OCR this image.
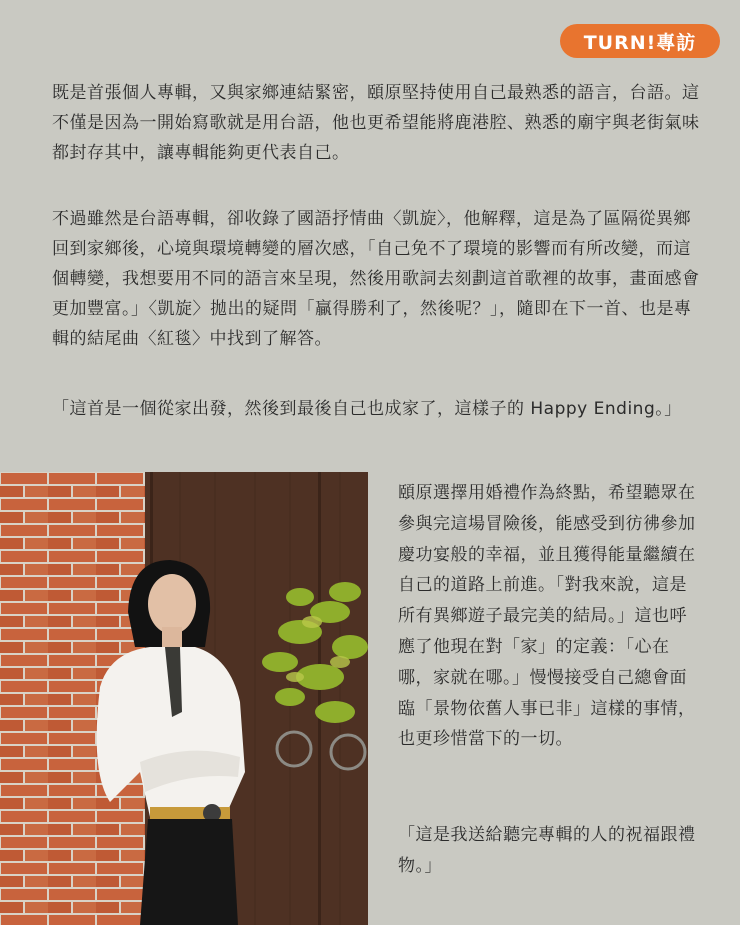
TURN!專訪

既是首張個人專輯，又與家鄉連結緊密，頤原堅持使用自己最熟悉的語言，台語。這不僅是因為一開始寫歌就是用台語，他也更希望能將鹿港腔、熟悉的廟宇與老街氣味都封存其中，讓專輯能夠更代表自己。

不過雖然是台語專輯，卻收錄了國語抒情曲〈凱旋〉，他解釋，這是為了區隔從異鄉回到家鄉後，心境與環境轉變的層次感，「自己免不了環境的影響而有所改變，而這個轉變，我想要用不同的語言來呈現，然後用歌詞去刻劃這首歌裡的故事，畫面感會更加豐富。」〈凱旋〉拋出的疑問「贏得勝利了，然後呢？」，隨即在下一首、也是專輯的結尾曲〈紅毯〉中找到了解答。

「這首是一個從家出發，然後到最後自己也成家了，這樣子的 Happy Ending。」

頤原選擇用婚禮作為終點，希望聽眾在參與完這場冒險後，能感受到彷彿參加慶功宴般的幸福，並且獲得能量繼續在自己的道路上前進。「對我來說，這是所有異鄉遊子最完美的結局。」這也呼應了他現在對「家」的定義：「心在哪，家就在哪。」慢慢接受自己總會面臨「景物依舊人事已非」這樣的事情，也更珍惜當下的一切。

「這是我送給聽完專輯的人的祝福跟禮物。」
